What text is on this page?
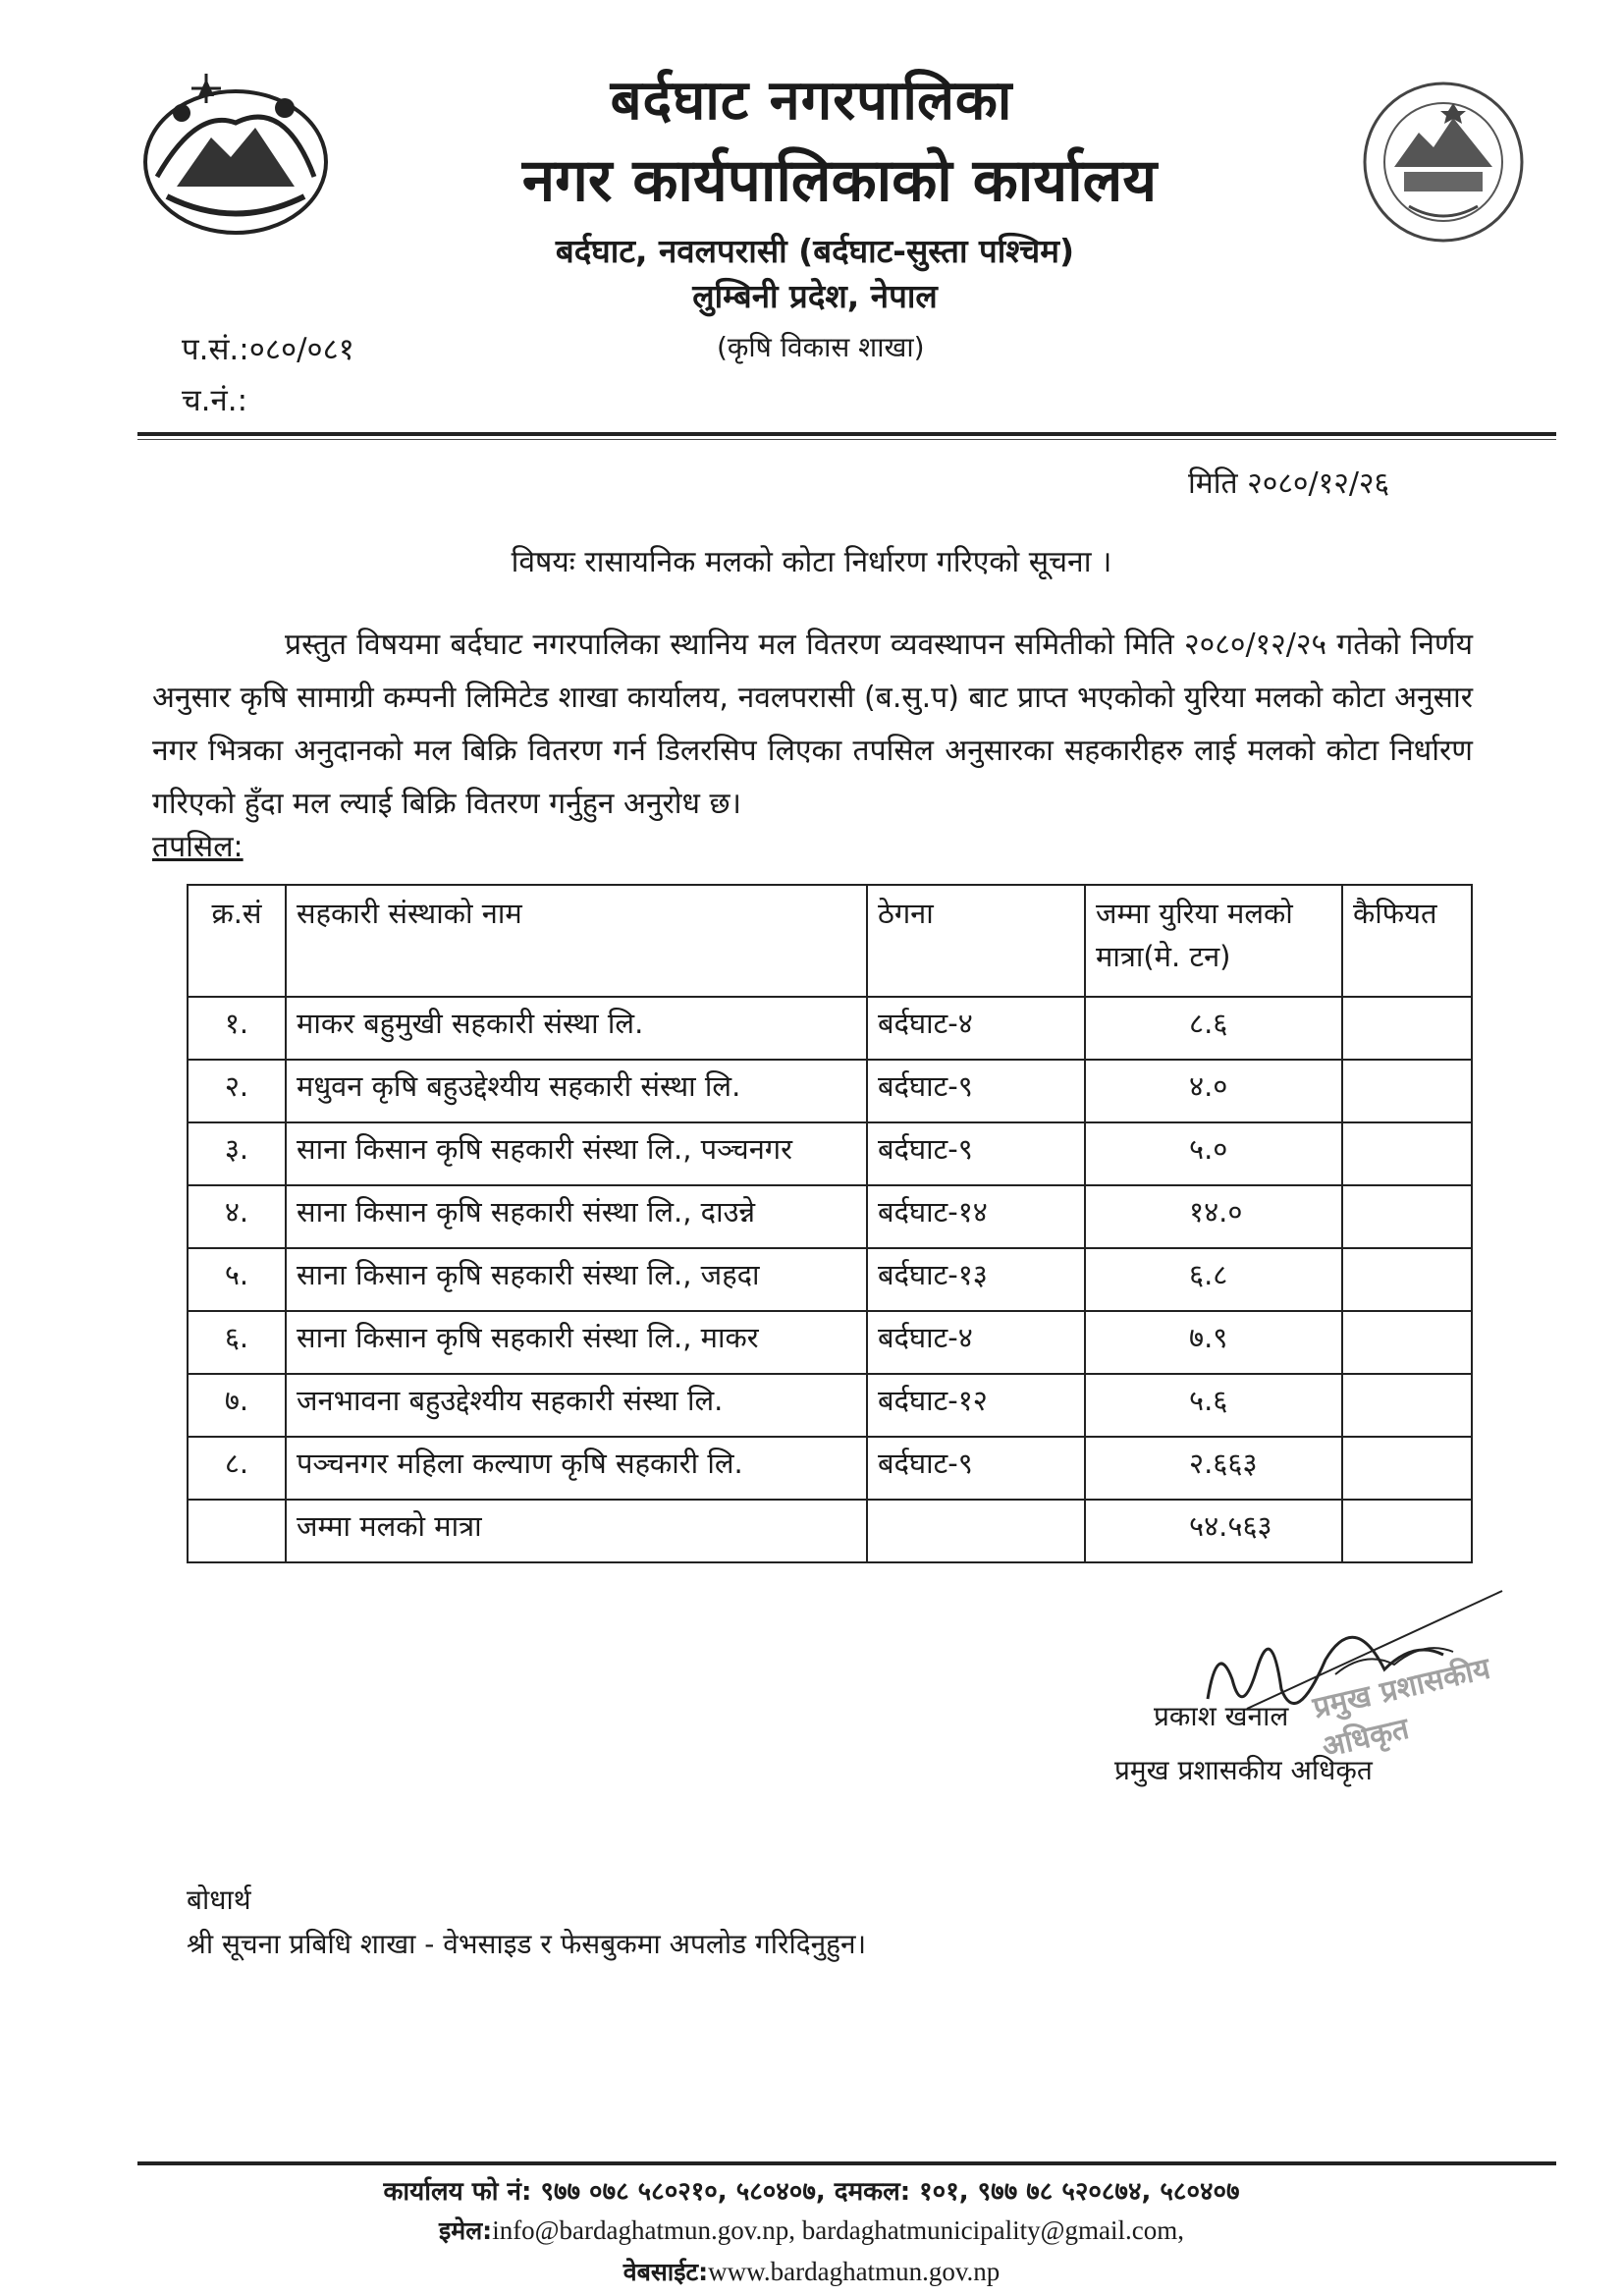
बर्दघाट नगरपालिका
नगर कार्यपालिकाको कार्यालय
बर्दघाट, नवलपरासी (बर्दघाट-सुस्ता पश्चिम)
लुम्बिनी प्रदेश, नेपाल
प.सं.:०८०/०८१
च.नं.:
(कृषि विकास शाखा)
मिति २०८०/१२/२६
विषयः रासायनिक मलको कोटा निर्धारण गरिएको सूचना ।
प्रस्तुत विषयमा बर्दघाट नगरपालिका स्थानिय मल वितरण व्यवस्थापन समितीको मिति २०८०/१२/२५ गतेको निर्णय अनुसार कृषि सामाग्री कम्पनी लिमिटेड शाखा कार्यालय, नवलपरासी (ब.सु.प) बाट प्राप्त भएकोको युरिया मलको कोटा अनुसार नगर भित्रका अनुदानको मल बिक्रि वितरण गर्न डिलरसिप लिएका तपसिल अनुसारका सहकारीहरु लाई मलको कोटा निर्धारण गरिएको हुँदा मल ल्याई बिक्रि वितरण गर्नुहुन अनुरोध छ।
तपसिल:
क्र.सं	सहकारी संस्थाको नाम	ठेगना	जम्मा युरिया मलको मात्रा(मे. टन)	कैफियत
१.	माकर बहुमुखी सहकारी संस्था लि.	बर्दघाट-४	८.६	
२.	मधुवन कृषि बहुउद्देश्यीय सहकारी संस्था लि.	बर्दघाट-९	४.०	
३.	साना किसान कृषि सहकारी संस्था लि., पञ्चनगर	बर्दघाट-९	५.०	
४.	साना किसान कृषि सहकारी संस्था लि., दाउन्ने	बर्दघाट-१४	१४.०	
५.	साना किसान कृषि सहकारी संस्था लि., जहदा	बर्दघाट-१३	६.८	
६.	साना किसान कृषि सहकारी संस्था लि., माकर	बर्दघाट-४	७.९	
७.	जनभावना बहुउद्देश्यीय सहकारी संस्था लि.	बर्दघाट-१२	५.६	
८.	पञ्चनगर महिला कल्याण कृषि सहकारी लि.	बर्दघाट-९	२.६६३	
	जम्मा मलको मात्रा		५४.५६३	
प्रमुख प्रशासकीय अधिकृत
प्रकाश खनाल
प्रमुख प्रशासकीय अधिकृत
बोधार्थ
श्री सूचना प्रबिधि शाखा - वेभसाइड र फेसबुकमा अपलोड गरिदिनुहुन।
कार्यालय फो नं: ९७७ ०७८ ५८०२१०, ५८०४०७, दमकल: १०१, ९७७ ७८ ५२०८७४, ५८०४०७
इमेल:info@bardaghatmun.gov.np, bardaghatmunicipality@gmail.com,
वेबसाईट:www.bardaghatmun.gov.np
